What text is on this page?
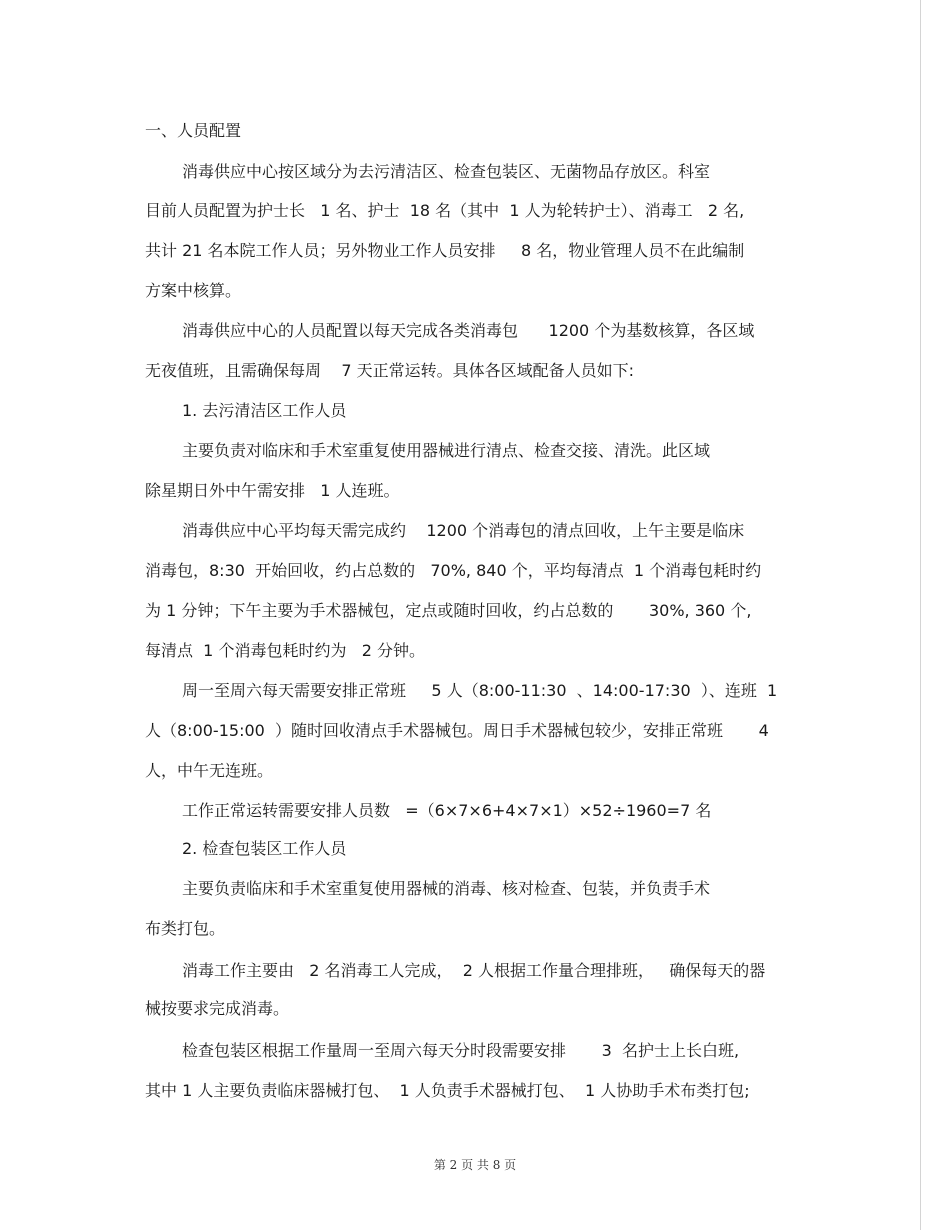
一、人员配置
消毒供应中心按区域分为去污清洁区、检查包装区、无菌物品存放区。科室
目前人员配置为护士长   1 名、护士  18 名（其中  1 人为轮转护士）、消毒工   2 名,
共计 21 名本院工作人员；另外物业工作人员安排     8 名，物业管理人员不在此编制
方案中核算。
消毒供应中心的人员配置以每天完成各类消毒包      1200 个为基数核算，各区域
无夜值班，且需确保每周    7 天正常运转。具体各区域配备人员如下:
1. 去污清洁区工作人员
主要负责对临床和手术室重复使用器械进行清点、检查交接、清洗。此区域
除星期日外中午需安排   1 人连班。
消毒供应中心平均每天需完成约    1200 个消毒包的清点回收，上午主要是临床
消毒包，8:30  开始回收，约占总数的   70%, 840 个，平均每清点  1 个消毒包耗时约
为 1 分钟；下午主要为手术器械包，定点或随时回收，约占总数的       30%, 360 个,
每清点  1 个消毒包耗时约为   2 分钟。
周一至周六每天需要安排正常班     5 人（8:00-11:30  、14:00-17:30  ）、连班  1
人（8:00-15:00  ）随时回收清点手术器械包。周日手术器械包较少，安排正常班       4
人，中午无连班。
工作正常运转需要安排人员数   =（6×7×6+4×7×1）×52÷1960=7 名
2. 检查包装区工作人员
主要负责临床和手术室重复使用器械的消毒、核对检查、包装，并负责手术
布类打包。
消毒工作主要由   2 名消毒工人完成，  2 人根据工作量合理排班，   确保每天的器
械按要求完成消毒。
检查包装区根据工作量周一至周六每天分时段需要安排       3  名护士上长白班,
其中 1 人主要负责临床器械打包、  1 人负责手术器械打包、  1 人协助手术布类打包;
第 2 页 共 8 页
